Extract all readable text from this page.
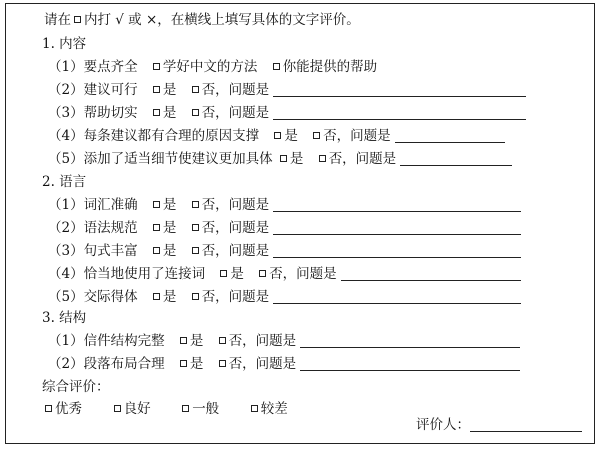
请在 内打 √ 或 ×，在横线上填写具体的文字评价。
1. 内容
（1）要点齐全 学好中文的方法 你能提供的帮助
（2）建议可行 是 否，问题是
（3）帮助切实 是 否，问题是
（4）每条建议都有合理的原因支撑 是 否，问题是
（5）添加了适当细节使建议更加具体 是 否，问题是
2. 语言
（1）词汇准确 是 否，问题是
（2）语法规范 是 否，问题是
（3）句式丰富 是 否，问题是
（4）恰当地使用了连接词 是 否，问题是
（5）交际得体 是 否，问题是
3. 结构
（1）信件结构完整 是 否，问题是
（2）段落布局合理 是 否，问题是
综合评价：
优秀	良好	一般	较差
评价人：
